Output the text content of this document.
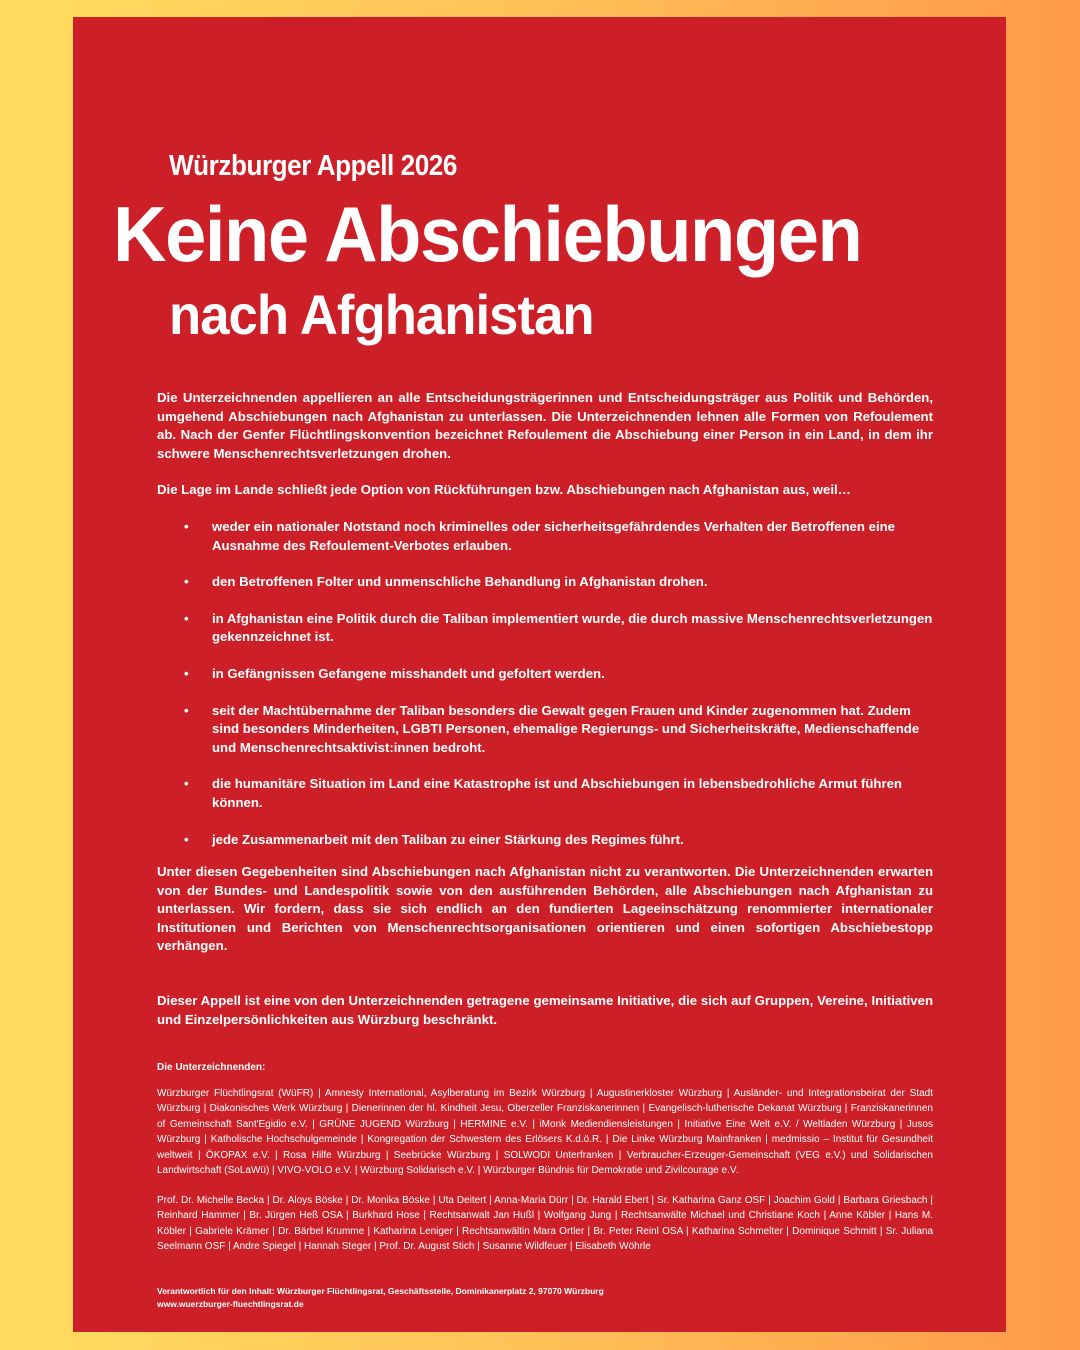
Würzburger Appell 2026
Keine Abschiebungen
nach Afghanistan

Die Unterzeichnenden appellieren an alle Entscheidungsträgerinnen und Entscheidungsträger aus Politik und Behörden, umgehend Abschiebungen nach Afghanistan zu unterlassen. Die Unterzeichnenden lehnen alle Formen von Refoulement ab. Nach der Genfer Flüchtlingskonvention bezeichnet Refoulement die Abschiebung einer Person in ein Land, in dem ihr schwere Menschenrechtsverletzungen drohen.

Die Lage im Lande schließt jede Option von Rückführungen bzw. Abschiebungen nach Afghanistan aus, weil…

• weder ein nationaler Notstand noch kriminelles oder sicherheitsgefährdendes Verhalten der Betroffenen eine Ausnahme des Refoulement-Verbotes erlauben.
• den Betroffenen Folter und unmenschliche Behandlung in Afghanistan drohen.
• in Afghanistan eine Politik durch die Taliban implementiert wurde, die durch massive Menschenrechtsverletzungen gekennzeichnet ist.
• in Gefängnissen Gefangene misshandelt und gefoltert werden.
• seit der Machtübernahme der Taliban besonders die Gewalt gegen Frauen und Kinder zugenommen hat. Zudem sind besonders Minderheiten, LGBTI Personen, ehemalige Regierungs- und Sicherheitskräfte, Medienschaffende und Menschenrechtsaktivist:innen bedroht.
• die humanitäre Situation im Land eine Katastrophe ist und Abschiebungen in lebensbedrohliche Armut führen können.
• jede Zusammenarbeit mit den Taliban zu einer Stärkung des Regimes führt.

Unter diesen Gegebenheiten sind Abschiebungen nach Afghanistan nicht zu verantworten. Die Unterzeichnenden erwarten von der Bundes- und Landespolitik sowie von den ausführenden Behörden, alle Abschiebungen nach Afghanistan zu unterlassen. Wir fordern, dass sie sich endlich an den fundierten Lageeinschätzung renommierter internationaler Institutionen und Berichten von Menschenrechtsorganisationen orientieren und einen sofortigen Abschiebestopp verhängen.

Dieser Appell ist eine von den Unterzeichnenden getragene gemeinsame Initiative, die sich auf Gruppen, Vereine, Initiativen und Einzelpersönlichkeiten aus Würzburg beschränkt.

Die Unterzeichnenden:

Würzburger Flüchtlingsrat (WüFR) | Amnesty International, Asylberatung im Bezirk Würzburg | Augustinerkloster Würzburg | Ausländer- und Integrationsbeirat der Stadt Würzburg | Diakonisches Werk Würzburg | Dienerinnen der hl. Kindheit Jesu, Oberzeller Franziskanerinnen | Evangelisch-lutherische Dekanat Würzburg | Franziskanerinnen of Gemeinschaft Sant'Egidio e.V. | GRÜNE JUGEND Würzburg | HERMINE e.V. | iMonk Mediendiensleistungen | Initiative Eine Welt e.V. / Weltladen Würzburg | Jusos Würzburg | Katholische Hochschulgemeinde | Kongregation der Schwestern des Erlösers K.d.ö.R. | Die Linke Würzburg Mainfranken | medmissio – Institut für Gesundheit weltweit | ÖKOPAX e.V. | Rosa Hilfe Würzburg | Seebrücke Würzburg | SOLWODI Unterfranken | Verbraucher-Erzeuger-Gemeinschaft (VEG e.V.) und Solidarischen Landwirtschaft (SoLaWü) | VIVO-VOLO e.V. | Würzburg Solidarisch e.V. | Würzburger Bündnis für Demokratie und Zivilcourage e.V.

Prof. Dr. Michelle Becka | Dr. Aloys Böske | Dr. Monika Böske | Uta Deitert | Anna-Maria Dürr | Dr. Harald Ebert | Sr. Katharina Ganz OSF | Joachim Gold | Barbara Griesbach | Reinhard Hammer | Br. Jürgen Heß OSA | Burkhard Hose | Rechtsanwalt Jan Hußl | Wolfgang Jung | Rechtsanwälte Michael und Christiane Koch | Anne Köbler | Hans M. Köbler | Gabriele Krämer | Dr. Bärbel Krumme | Katharina Leniger | Rechtsanwältin Mara Ortler | Br. Peter Reinl OSA | Katharina Schmelter | Dominique Schmitt | Sr. Juliana Seelmann OSF | Andre Spiegel | Hannah Steger | Prof. Dr. August Stich | Susanne Wildfeuer | Elisabeth Wöhrle

Verantwortlich für den Inhalt: Würzburger Flüchtlingsrat, Geschäftsstelle, Dominikanerplatz 2, 97070 Würzburg
www.wuerzburger-fluechtlingsrat.de
